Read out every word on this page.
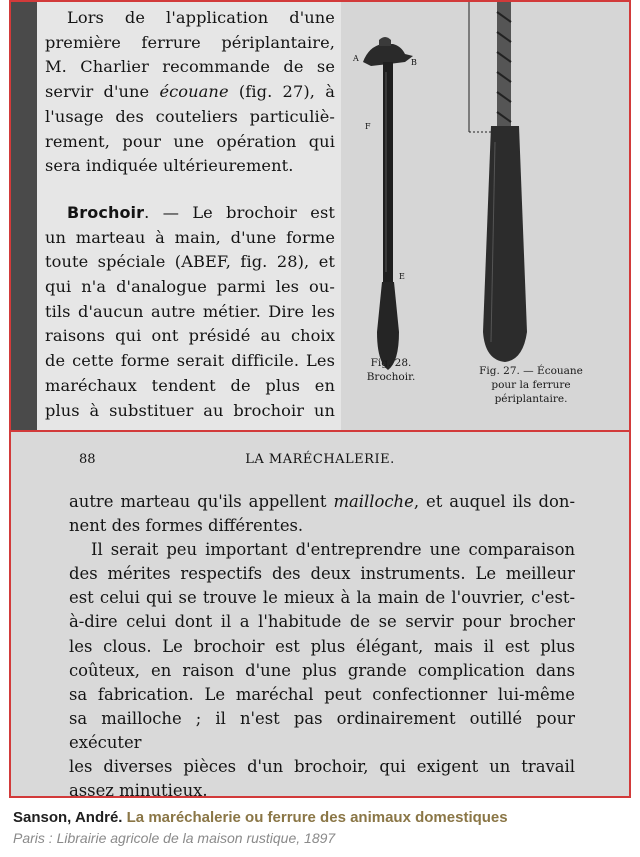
Lors de l'application d'une

première ferrure périplantaire,

M. Charlier recommande de se

servir d'une écouane (fig. 27), à

l'usage des couteliers particuliè-

rement, pour une opération qui

sera indiquée ultérieurement.

Brochoir. — Le brochoir est

un marteau à main, d'une forme

toute spéciale (ABEF, fig. 28), et

qui n'a d'analogue parmi les ou-

tils d'aucun autre métier. Dire les

raisons qui ont présidé au choix

de cette forme serait difficile. Les

maréchaux tendent de plus en

plus à substituer au brochoir un

A	B
F
E
Fig. 28.
Brochoir.	Fig. 27. — Écouane
pour la ferrure
périplantaire.
88	LA MARÉCHALERIE.

autre marteau qu'ils appellent mailloche, et auquel ils don-

nent des formes différentes.

Il serait peu important d'entreprendre une comparaison

des mérites respectifs des deux instruments. Le meilleur

est celui qui se trouve le mieux à la main de l'ouvrier, c'est-

à-dire celui dont il a l'habitude de se servir pour brocher

les clous. Le brochoir est plus élégant, mais il est plus

coûteux, en raison d'une plus grande complication dans

sa fabrication. Le maréchal peut confectionner lui-même

sa mailloche ; il n'est pas ordinairement outillé pour exécuter

les diverses pièces d'un brochoir, qui exigent un travail

assez minutieux.

Sanson, André. La maréchalerie ou ferrure des animaux domestiques
Paris : Librairie agricole de la maison rustique, 1897
